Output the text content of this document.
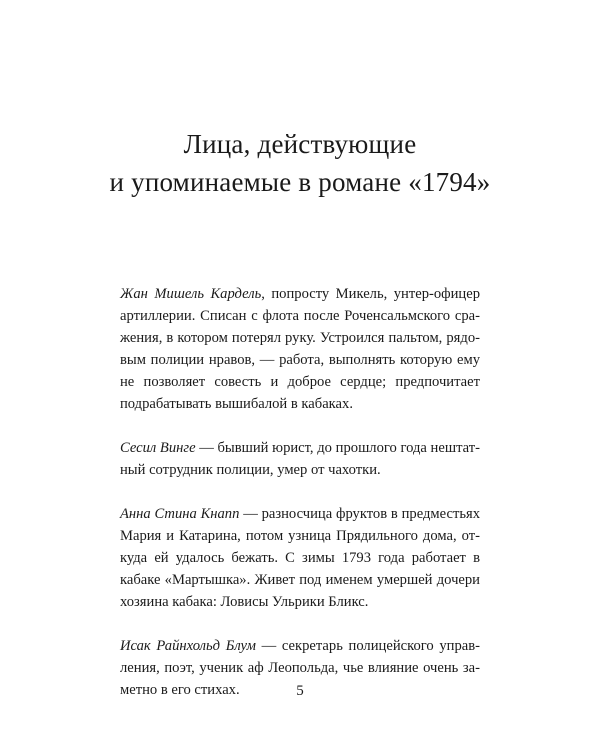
Лица, действующие
и упоминаемые в романе «1794»

Жан Мишель Кардель, попросту Микель, унтер-офицер артиллерии. Списан с флота после Роченсальмского сражения, в котором потерял руку. Устроился пальтом, рядовым полиции нравов, — работа, выполнять которую ему не позволяет совесть и доброе сердце; предпочитает подрабатывать вышибалой в кабаках.

Сесил Винге — бывший юрист, до прошлого года нештатный сотрудник полиции, умер от чахотки.

Анна Стина Кнапп — разносчица фруктов в предместьях Мария и Катарина, потом узница Прядильного дома, откуда ей удалось бежать. С зимы 1793 года работает в кабаке «Мартышка». Живет под именем умершей дочери хозяина кабака: Ловисы Ульрики Бликс.

Исак Райнхольд Блум — секретарь полицейского управления, поэт, ученик аф Леопольда, чье влияние очень заметно в его стихах.	5
